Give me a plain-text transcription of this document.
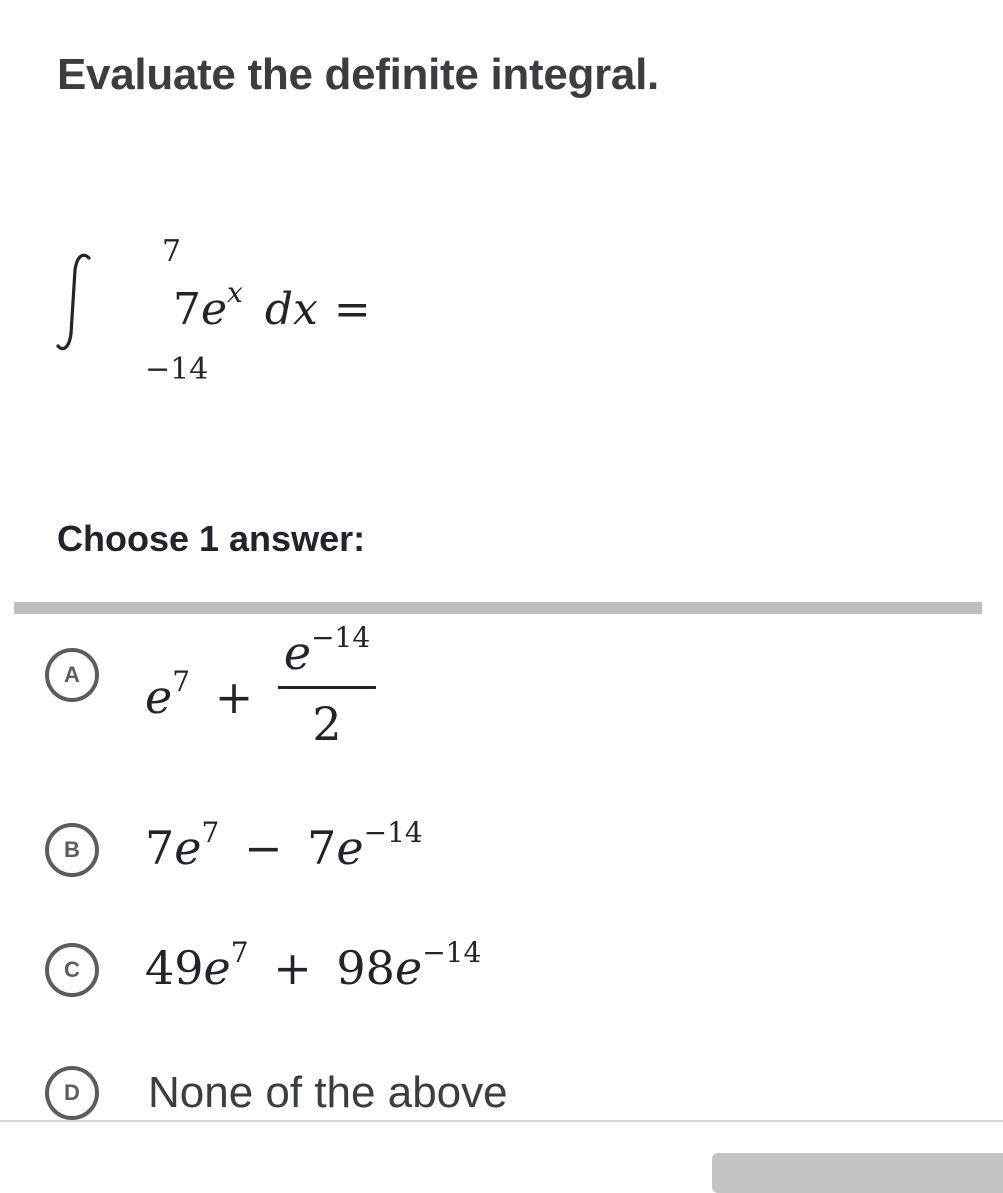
Evaluate the definite integral.
7
−14
$7e^x$ dx =

Choose 1 answer:

A	$e^7 + \frac{e^{-14}}{2}$
B	$7e^7 - 7e^{-14}$
C	$49e^7 + 98e^{-14}$
D	None of the above
